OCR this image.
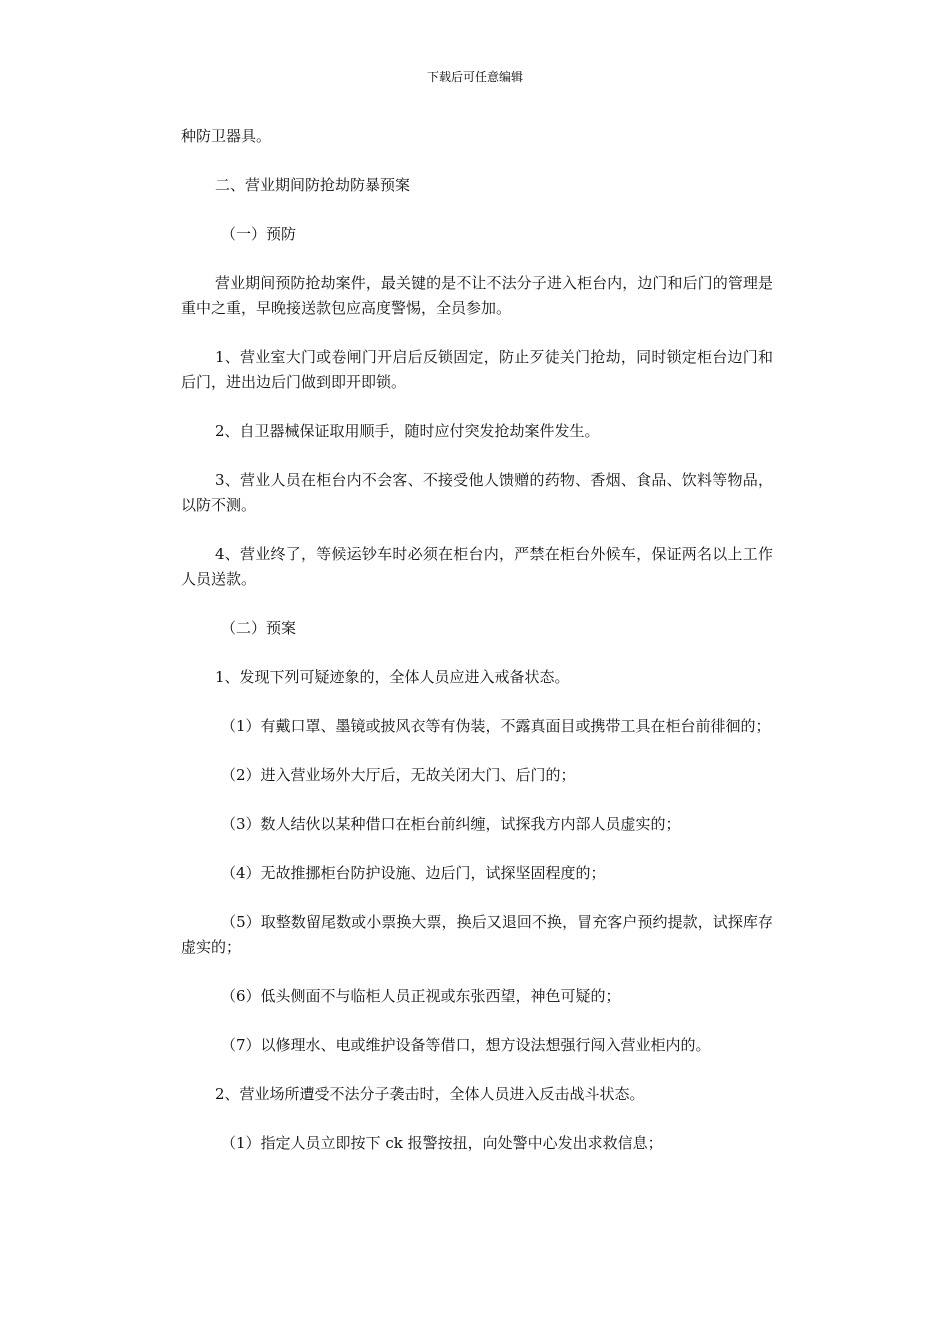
下载后可任意编辑

种防卫器具。

二、营业期间防抢劫防暴预案

（一）预防

营业期间预防抢劫案件，最关键的是不让不法分子进入柜台内，边门和后门的管理是重中之重，早晚接送款包应高度警惕，全员参加。

1、营业室大门或卷闸门开启后反锁固定，防止歹徒关门抢劫，同时锁定柜台边门和后门，进出边后门做到即开即锁。

2、自卫器械保证取用顺手，随时应付突发抢劫案件发生。

3、营业人员在柜台内不会客、不接受他人馈赠的药物、香烟、食品、饮料等物品，以防不测。

4、营业终了，等候运钞车时必须在柜台内，严禁在柜台外候车，保证两名以上工作人员送款。

（二）预案

1、发现下列可疑迹象的，全体人员应进入戒备状态。

（1）有戴口罩、墨镜或披风衣等有伪装，不露真面目或携带工具在柜台前徘徊的；

（2）进入营业场外大厅后，无故关闭大门、后门的；

（3）数人结伙以某种借口在柜台前纠缠，试探我方内部人员虚实的；

（4）无故推挪柜台防护设施、边后门，试探坚固程度的；

（5）取整数留尾数或小票换大票，换后又退回不换，冒充客户预约提款，试探库存虚实的；

（6）低头侧面不与临柜人员正视或东张西望，神色可疑的；

（7）以修理水、电或维护设备等借口，想方设法想强行闯入营业柜内的。

2、营业场所遭受不法分子袭击时，全体人员进入反击战斗状态。

（1）指定人员立即按下 ck 报警按扭，向处警中心发出求救信息；
